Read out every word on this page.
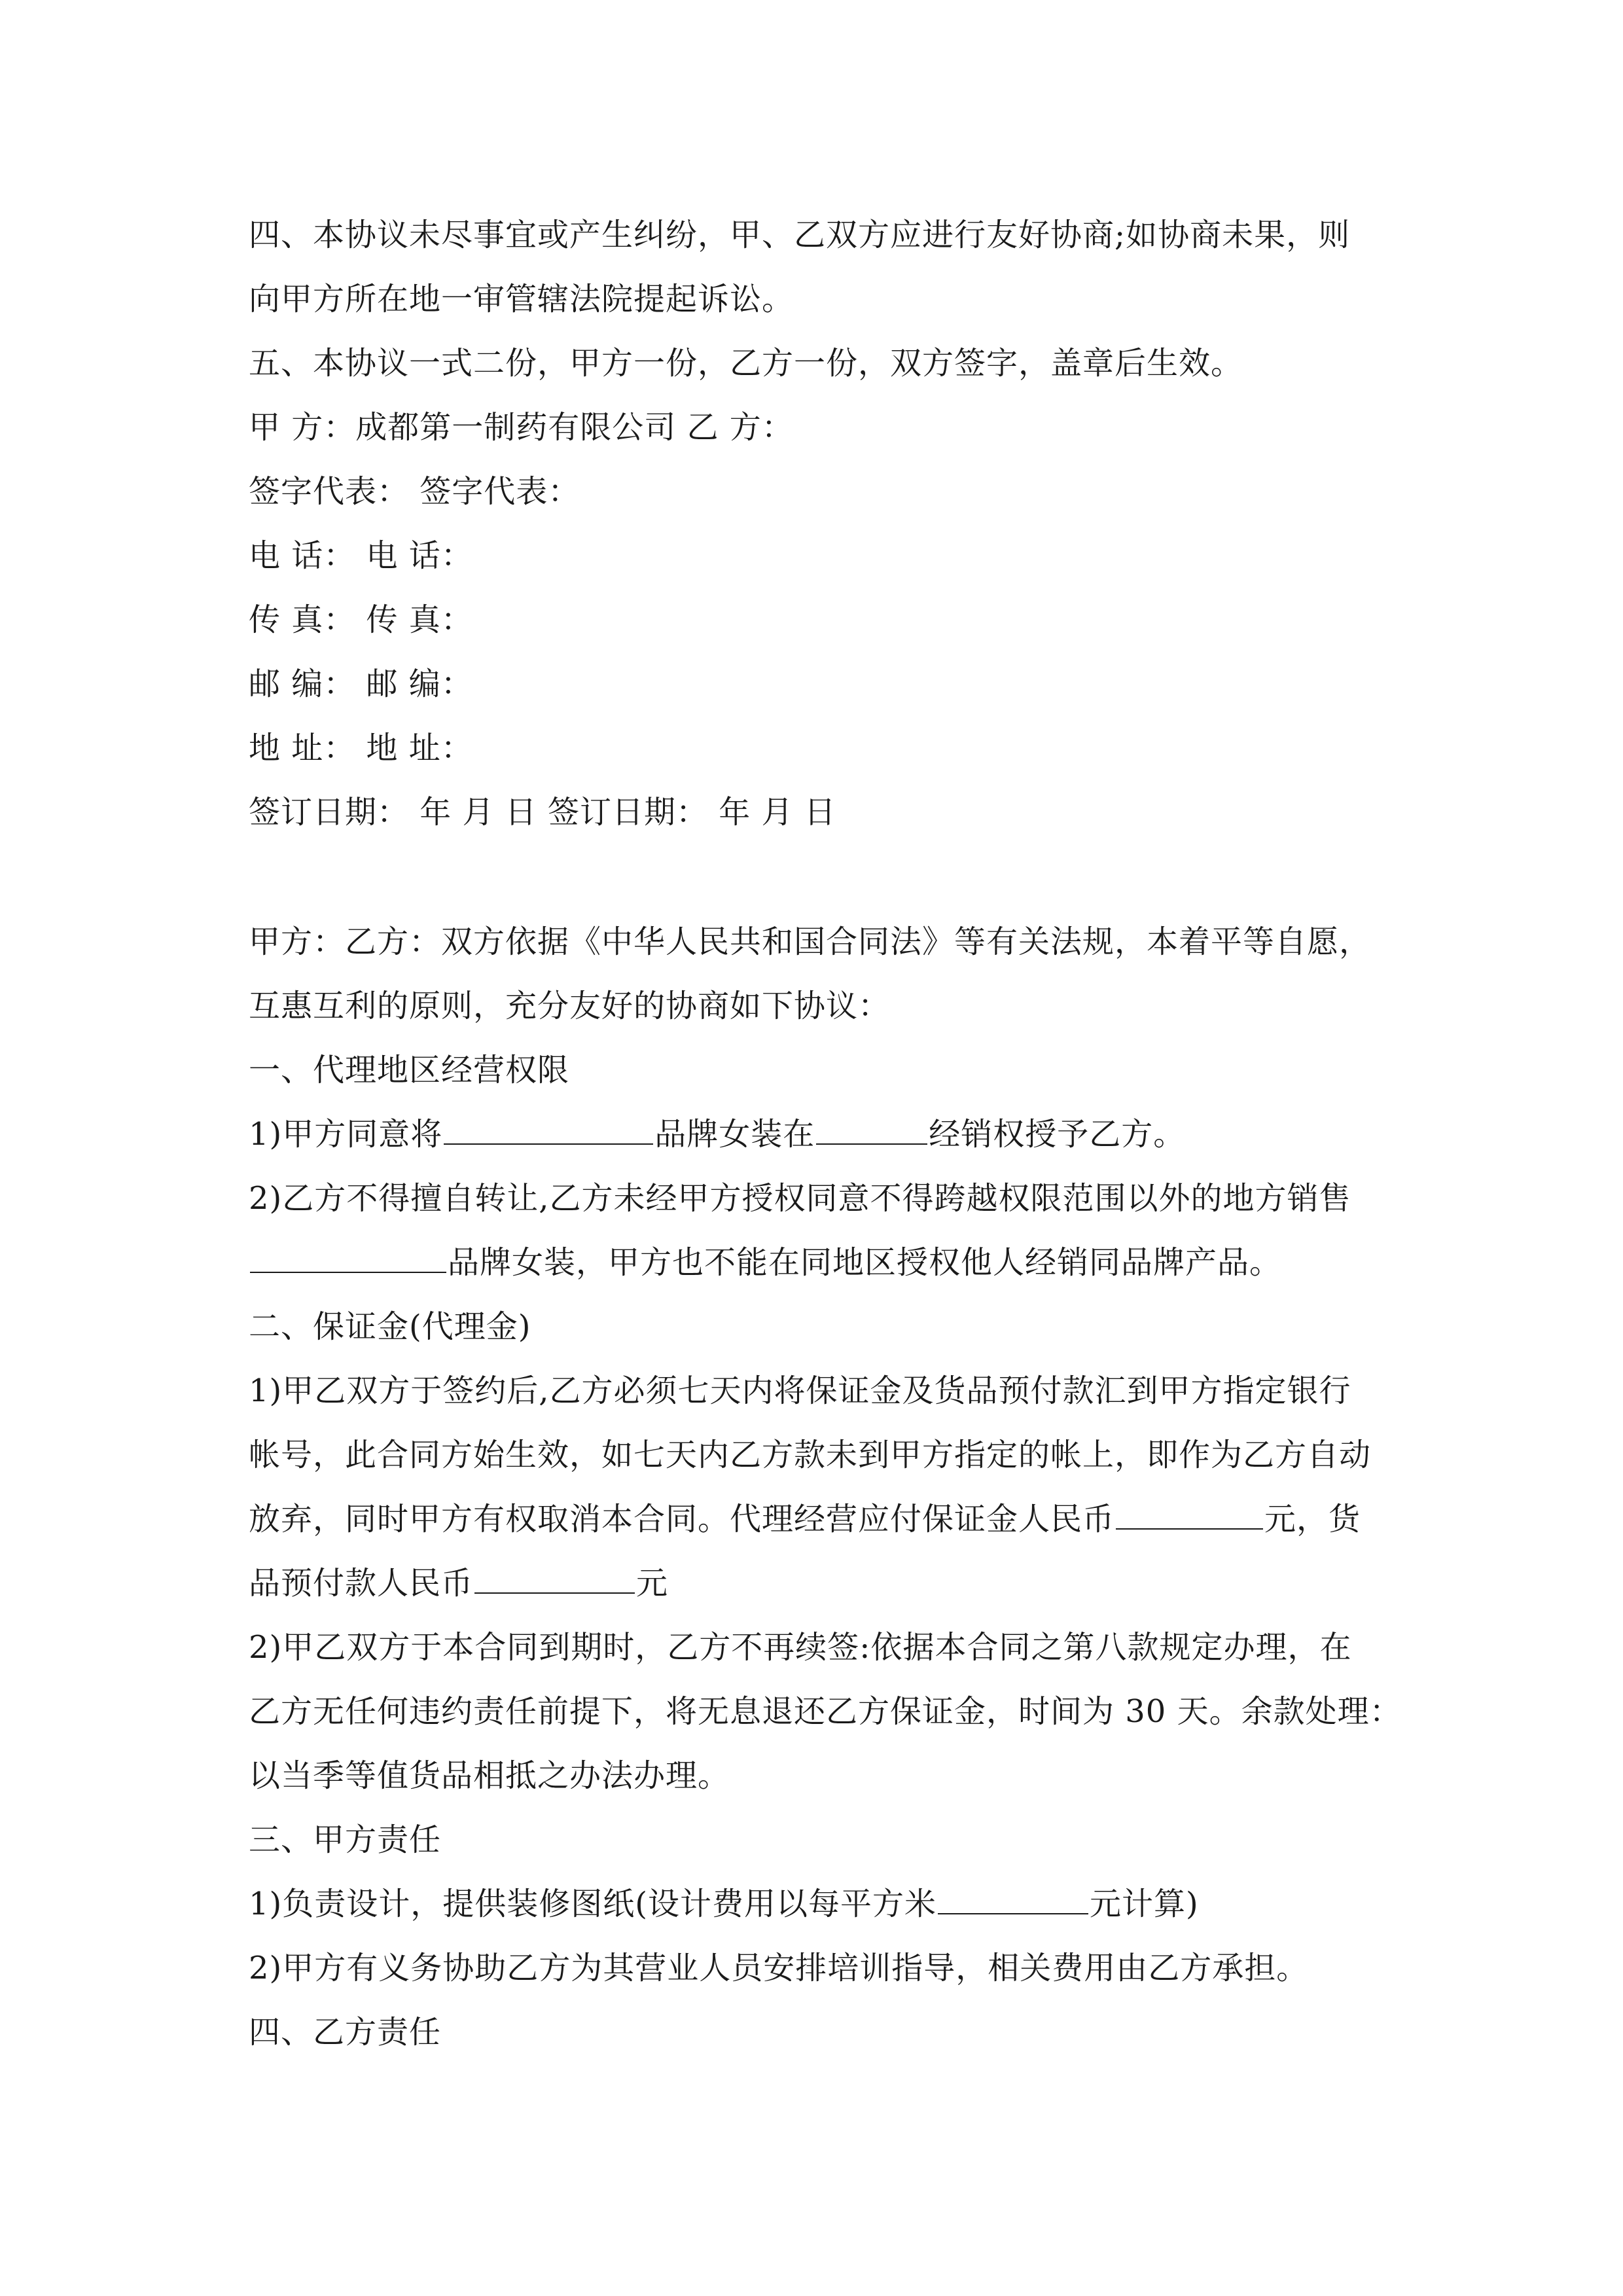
四、本协议未尽事宜或产生纠纷，甲、乙双方应进行友好协商;如协商未果，则
向甲方所在地一审管辖法院提起诉讼。
五、本协议一式二份，甲方一份，乙方一份，双方签字，盖章后生效。
甲 方：成都第一制药有限公司 乙 方：
签字代表： 签字代表：
电 话： 电 话：
传 真： 传 真：
邮 编： 邮 编：
地 址： 地 址：
签订日期： 年 月 日 签订日期： 年 月 日
甲方：乙方：双方依据《中华人民共和国合同法》等有关法规，本着平等自愿，
互惠互利的原则，充分友好的协商如下协议：
一、代理地区经营权限
1)甲方同意将	品牌女装在	经销权授予乙方。
2)乙方不得擅自转让,乙方未经甲方授权同意不得跨越权限范围以外的地方销售
品牌女装，甲方也不能在同地区授权他人经销同品牌产品。
二、保证金(代理金)
1)甲乙双方于签约后,乙方必须七天内将保证金及货品预付款汇到甲方指定银行
帐号，此合同方始生效，如七天内乙方款未到甲方指定的帐上，即作为乙方自动
放弃，同时甲方有权取消本合同。代理经营应付保证金人民币	元，货
品预付款人民币	元
2)甲乙双方于本合同到期时，乙方不再续签:依据本合同之第八款规定办理，在
乙方无任何违约责任前提下，将无息退还乙方保证金，时间为 30 天。余款处理：
以当季等值货品相抵之办法办理。
三、甲方责任
1)负责设计，提供装修图纸(设计费用以每平方米	元计算)
2)甲方有义务协助乙方为其营业人员安排培训指导，相关费用由乙方承担。
四、乙方责任
